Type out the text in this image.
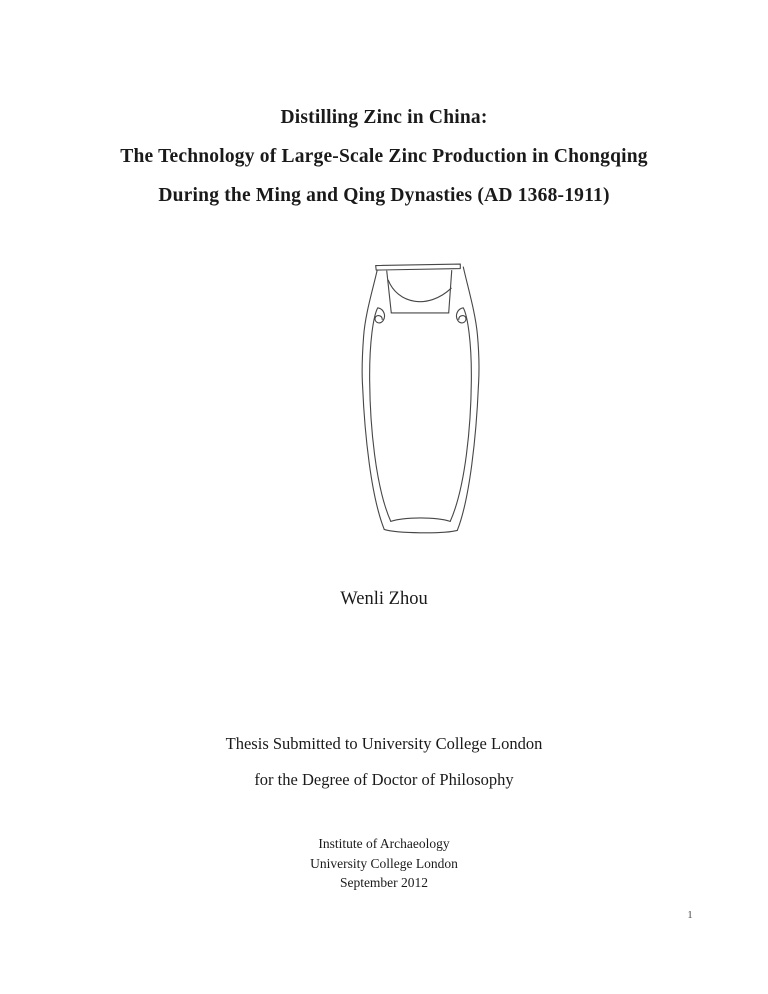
Distilling Zinc in China:
The Technology of Large-Scale Zinc Production in Chongqing
During the Ming and Qing Dynasties (AD 1368-1911)
Wenli Zhou
Thesis Submitted to University College London
for the Degree of Doctor of Philosophy
Institute of Archaeology
University College London
September 2012
1
